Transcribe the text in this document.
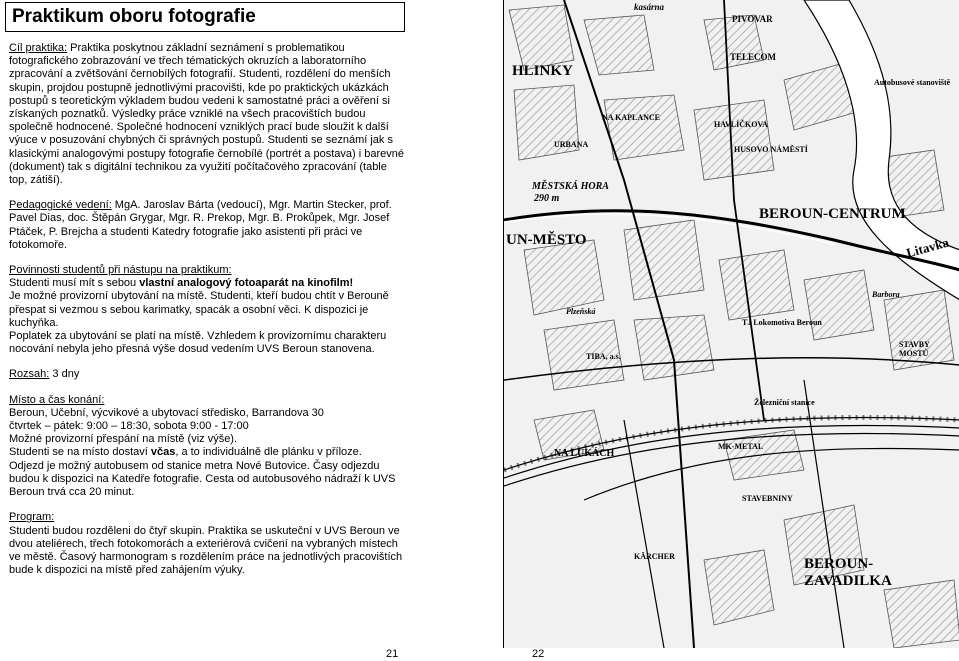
Praktikum oboru fotografie
Cíl praktika: Praktika poskytnou základní seznámení s problematikou fotografického zobrazování ve třech tématických okruzích a laboratorního zpracování a zvětšování černobílých fotografií. Studenti, rozdělení do menších skupin, projdou postupně jednotlivými pracovišti, kde po praktických ukázkách postupů s teoretickým výkladem budou vedeni k samostatné práci a ověření si získaných poznatků. Výsledky práce vzniklé na všech pracovištích budou společně hodnocené. Společné hodnocení vzniklých prací bude sloužit k další výuce v posuzování chybných či správných postupů. Studenti se seznámí jak s klasickými analogovými postupy fotografie černobílé (portrét a postava) i barevné (dokument) tak s digitální technikou za využití počítačového zpracování (table top, zátiší).
Pedagogické vedení: MgA. Jaroslav Bárta (vedoucí), Mgr. Martin Stecker, prof. Pavel Dias, doc. Štěpán Grygar, Mgr. R. Prekop, Mgr. B. Prokůpek, Mgr. Josef Ptáček, P. Brejcha a studenti Katedry fotografie jako asistenti při práci ve fotokomoře.
Povinnosti studentů při nástupu na praktikum:
Studenti musí mít s sebou vlastní analogový fotoaparát na kinofilm!
Je možné provizorní ubytování na místě. Studenti, kteří budou chtít v Berouně přespat si vezmou s sebou karimatky, spacák a osobní věci. K dispozici je kuchyňka.
Poplatek za ubytování se platí na místě. Vzhledem k provizornímu charakteru nocování nebyla jeho přesná výše dosud vedením UVS Beroun stanovena.
Rozsah: 3 dny
Místo a čas konání:
Beroun, Učební, výcvikové a ubytovací středisko, Barrandova 30
čtvrtek – pátek: 9:00 – 18:30, sobota 9:00 - 17:00
Možné provizorní přespání na místě (viz výše).
Studenti se na místo dostaví včas, a to individuálně dle plánku v příloze.
Odjezd je možný autobusem od stanice metra Nové Butovice. Časy odjezdu budou k dispozici na Katedře fotografie. Cesta od autobusového nádraží k UVS Beroun trvá cca 20 minut.
Program:
Studenti budou rozděleni do čtyř skupin. Praktika se uskuteční v UVS Beroun ve dvou ateliérech, třech fotokomorách a exteriérová cvičení na vybraných místech ve městě. Časový harmonogram s rozdělením práce na jednotlivých pracovištích bude k dispozici na místě před zahájením výuky.
21	22
HLINKY
BEROUN-CENTRUM
UN-MĚSTO
BEROUN-ZAVADILKA
MĚSTSKÁ HORA
290 m
Litavka
NA LUKÁCH
kasárna
PIVOVAR
TELECOM
HAVLÍČKOVA
HUSOVO NÁMĚSTÍ
Plzeňská
NA KAPLANCE
STAVEBNINY
KÄRCHER
MK-METAL
TIBA, a.s.
TJ Lokomotiva Beroun
Železniční stanice
Barbora
Autobusové stanoviště
URBANA
STAVBY MOSTŮ
